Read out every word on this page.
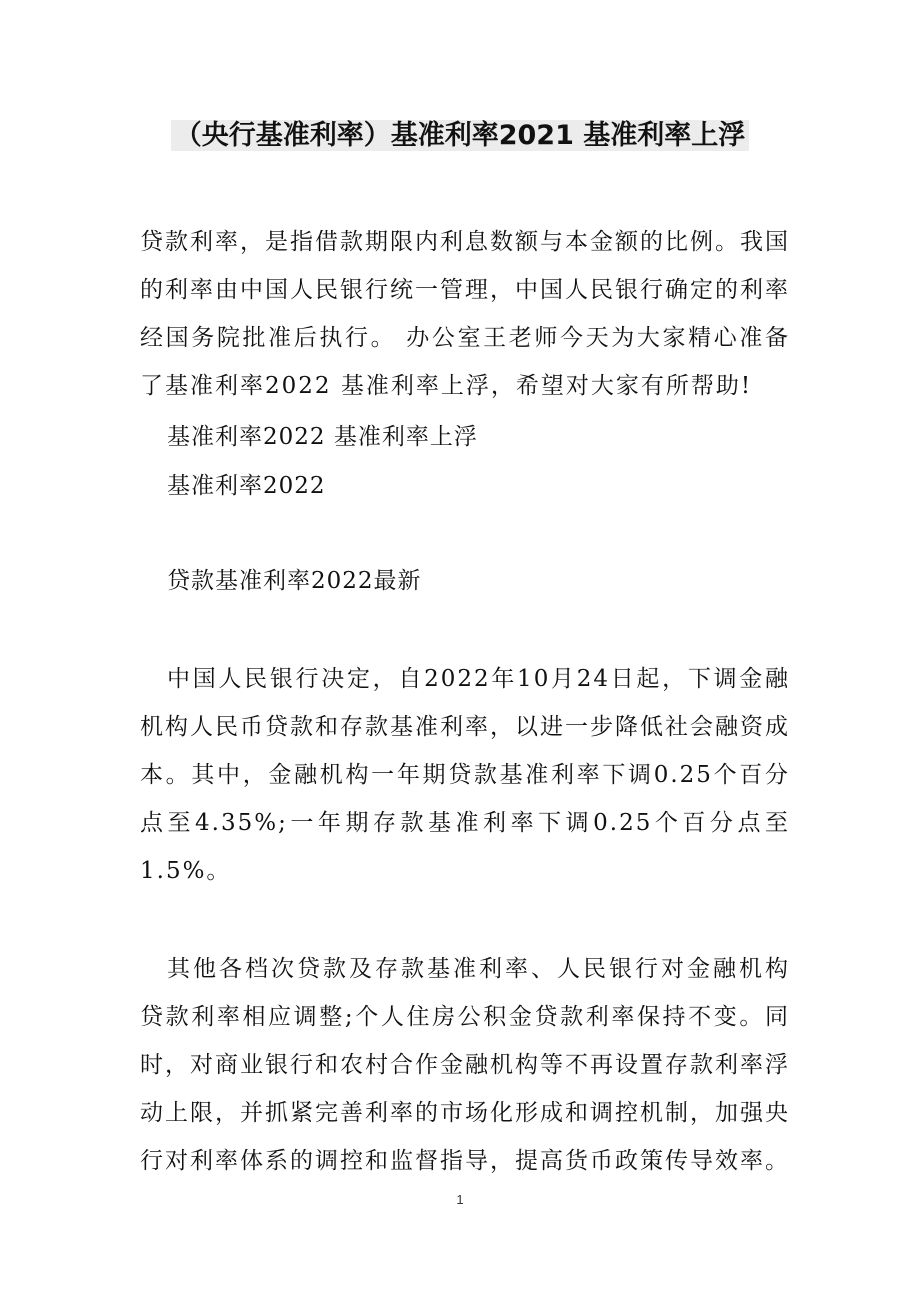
（央行基准利率）基准利率2021 基准利率上浮

贷款利率，是指借款期限内利息数额与本金额的比例。我国的利率由中国人民银行统一管理，中国人民银行确定的利率经国务院批准后执行。 办公室王老师今天为大家精心准备了基准利率2022 基准利率上浮，希望对大家有所帮助!

基准利率2022 基准利率上浮

基准利率2022

贷款基准利率2022最新

中国人民银行决定，自2022年10月24日起，下调金融机构人民币贷款和存款基准利率，以进一步降低社会融资成本。其中，金融机构一年期贷款基准利率下调0.25个百分点至4.35%;一年期存款基准利率下调0.25个百分点至1.5%。

其他各档次贷款及存款基准利率、人民银行对金融机构贷款利率相应调整;个人住房公积金贷款利率保持不变。同时，对商业银行和农村合作金融机构等不再设置存款利率浮动上限，并抓紧完善利率的市场化形成和调控机制，加强央行对利率体系的调控和监督指导，提高货币政策传导效率。

1
